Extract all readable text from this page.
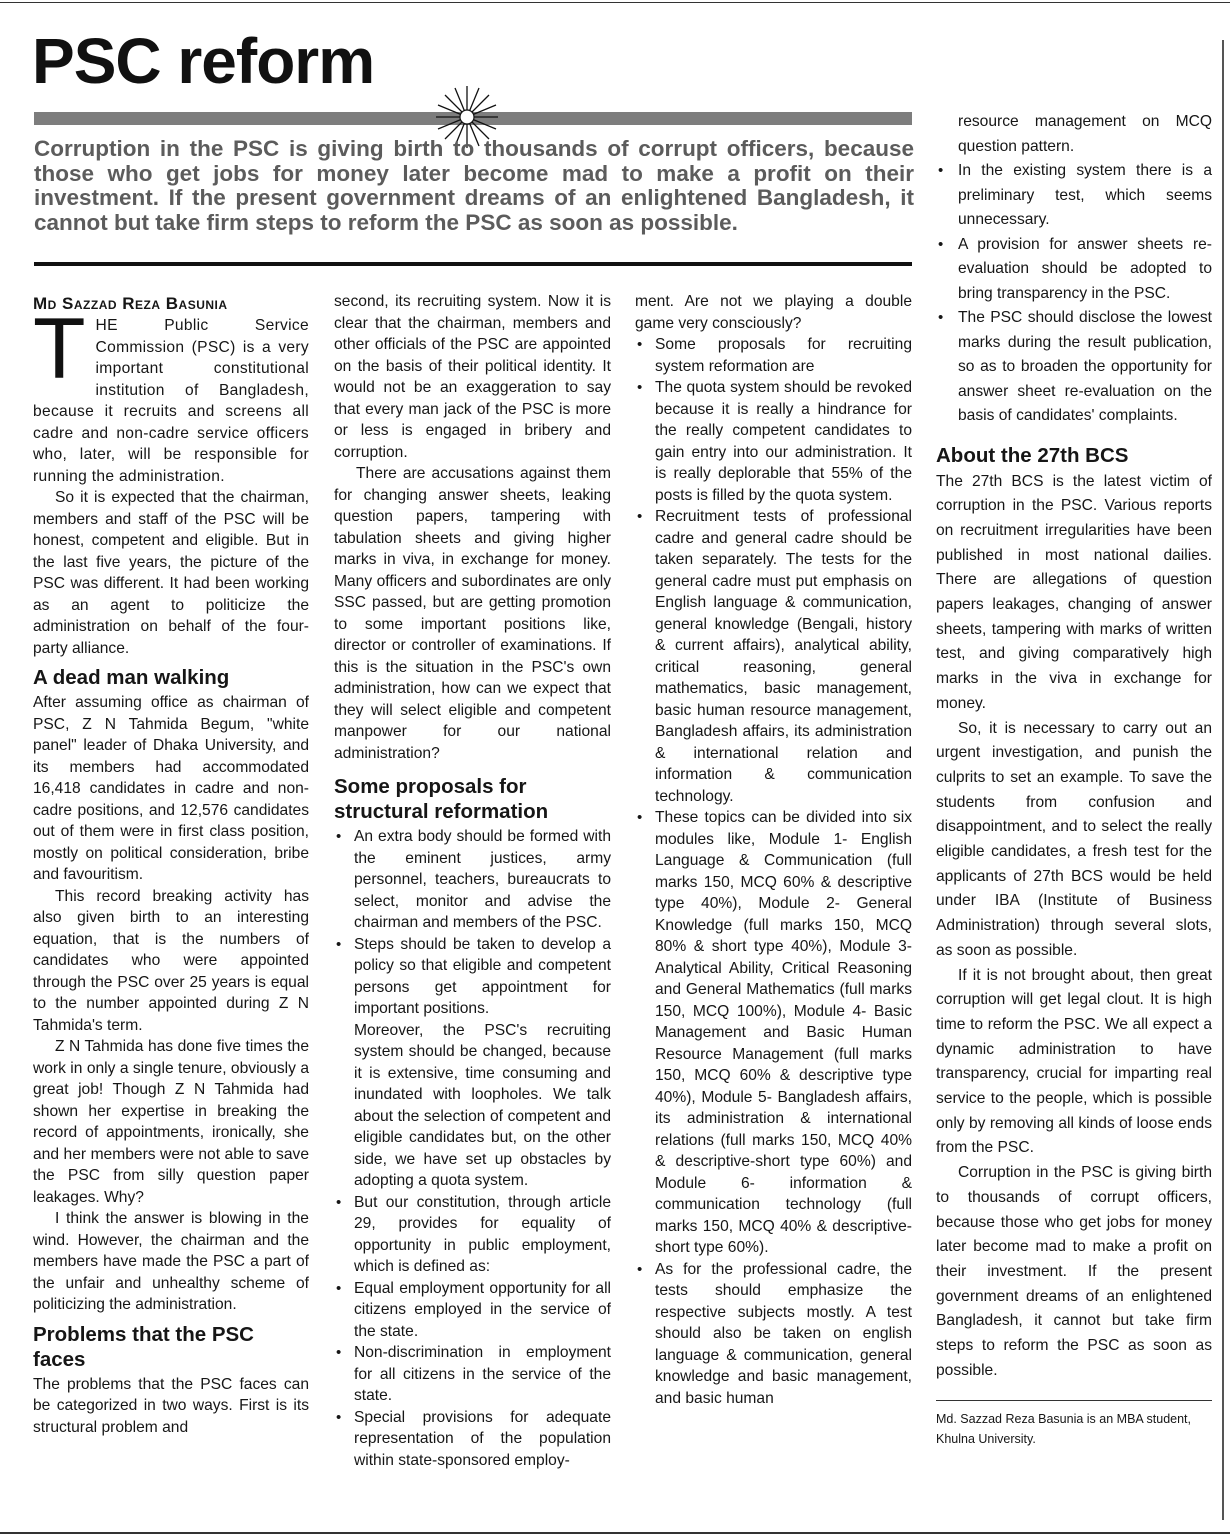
PSC reform

Corruption in the PSC is giving birth to thousands of corrupt officers, because those who get jobs for money later become mad to make a profit on their investment. If the present government dreams of an enlightened Bangladesh, it cannot but take firm steps to reform the PSC as soon as possible.

Md Sazzad Reza Basunia

THE Public Service Commission (PSC) is a very important constitutional institution of Bangladesh, because it recruits and screens all cadre and non-cadre service officers who, later, will be responsible for running the administration.

So it is expected that the chairman, members and staff of the PSC will be honest, competent and eligible. But in the last five years, the picture of the PSC was different. It had been working as an agent to politicize the administration on behalf of the four-party alliance.

A dead man walking

After assuming office as chairman of PSC, Z N Tahmida Begum, "white panel" leader of Dhaka University, and its members had accommodated 16,418 candidates in cadre and non-cadre positions, and 12,576 candidates out of them were in first class position, mostly on political consideration, bribe and favouritism.

This record breaking activity has also given birth to an interesting equation, that is the numbers of candidates who were appointed through the PSC over 25 years is equal to the number appointed during Z N Tahmida's term.

Z N Tahmida has done five times the work in only a single tenure, obviously a great job! Though Z N Tahmida had shown her expertise in breaking the record of appointments, ironically, she and her members were not able to save the PSC from silly question paper leakages. Why?

I think the answer is blowing in the wind. However, the chairman and the members have made the PSC a part of the unfair and unhealthy scheme of politicizing the administration.

Problems that the PSC faces

The problems that the PSC faces can be categorized in two ways. First is its structural problem and

second, its recruiting system. Now it is clear that the chairman, members and other officials of the PSC are appointed on the basis of their political identity. It would not be an exaggeration to say that every man jack of the PSC is more or less is engaged in bribery and corruption.

There are accusations against them for changing answer sheets, leaking question papers, tampering with tabulation sheets and giving higher marks in viva, in exchange for money. Many officers and subordinates are only SSC passed, but are getting promotion to some important positions like, director or controller of examinations. If this is the situation in the PSC's own administration, how can we expect that they will select eligible and competent manpower for our national administration?

Some proposals for structural reformation
• An extra body should be formed with the eminent justices, army personnel, teachers, bureaucrats to select, monitor and advise the chairman and members of the PSC.
• Steps should be taken to develop a policy so that eligible and competent persons get appointment for important positions.
Moreover, the PSC's recruiting system should be changed, because it is extensive, time consuming and inundated with loopholes. We talk about the selection of competent and eligible candidates but, on the other side, we have set up obstacles by adopting a quota system.
• But our constitution, through article 29, provides for equality of opportunity in public employment, which is defined as:
• Equal employment opportunity for all citizens employed in the service of the state.
• Non-discrimination in employment for all citizens in the service of the state.
• Special provisions for adequate representation of the population within state-sponsored employ-

ment. Are not we playing a double game very consciously?

• Some proposals for recruiting system reformation are
• The quota system should be revoked because it is really a hindrance for the really competent candidates to gain entry into our administration. It is really deplorable that 55% of the posts is filled by the quota system.
• Recruitment tests of professional cadre and general cadre should be taken separately. The tests for the general cadre must put emphasis on English language & communication, general knowledge (Bengali, history & current affairs), analytical ability, critical reasoning, general mathematics, basic management, basic human resource management, Bangladesh affairs, its administration & international relation and information & communication technology.
• These topics can be divided into six modules like, Module 1- English Language & Communication (full marks 150, MCQ 60% & descriptive type 40%), Module 2- General Knowledge (full marks 150, MCQ 80% & short type 40%), Module 3- Analytical Ability, Critical Reasoning and General Mathematics (full marks 150, MCQ 100%), Module 4- Basic Management and Basic Human Resource Management (full marks 150, MCQ 60% & descriptive type 40%), Module 5- Bangladesh affairs, its administration & international relations (full marks 150, MCQ 40% & descriptive-short type 60%) and Module 6- information & communication technology (full marks 150, MCQ 40% & descriptive-short type 60%).
• As for the professional cadre, the tests should emphasize the respective subjects mostly. A test should also be taken on english language & communication, general knowledge and basic management, and basic human

resource management on MCQ question pattern.

• In the existing system there is a preliminary test, which seems unnecessary.
• A provision for answer sheets re-evaluation should be adopted to bring transparency in the PSC.
• The PSC should disclose the lowest marks during the result publication, so as to broaden the opportunity for answer sheet re-evaluation on the basis of candidates' complaints.
About the 27th BCS

The 27th BCS is the latest victim of corruption in the PSC. Various reports on recruitment irregularities have been published in most national dailies. There are allegations of question papers leakages, changing of answer sheets, tampering with marks of written test, and giving comparatively high marks in the viva in exchange for money.

So, it is necessary to carry out an urgent investigation, and punish the culprits to set an example. To save the students from confusion and disappointment, and to select the really eligible candidates, a fresh test for the applicants of 27th BCS would be held under IBA (Institute of Business Administration) through several slots, as soon as possible.

If it is not brought about, then great corruption will get legal clout. It is high time to reform the PSC. We all expect a dynamic administration to have transparency, crucial for imparting real service to the people, which is possible only by removing all kinds of loose ends from the PSC.

Corruption in the PSC is giving birth to thousands of corrupt officers, because those who get jobs for money later become mad to make a profit on their investment. If the present government dreams of an enlightened Bangladesh, it cannot but take firm steps to reform the PSC as soon as possible.

Md. Sazzad Reza Basunia is an MBA student, Khulna University.
